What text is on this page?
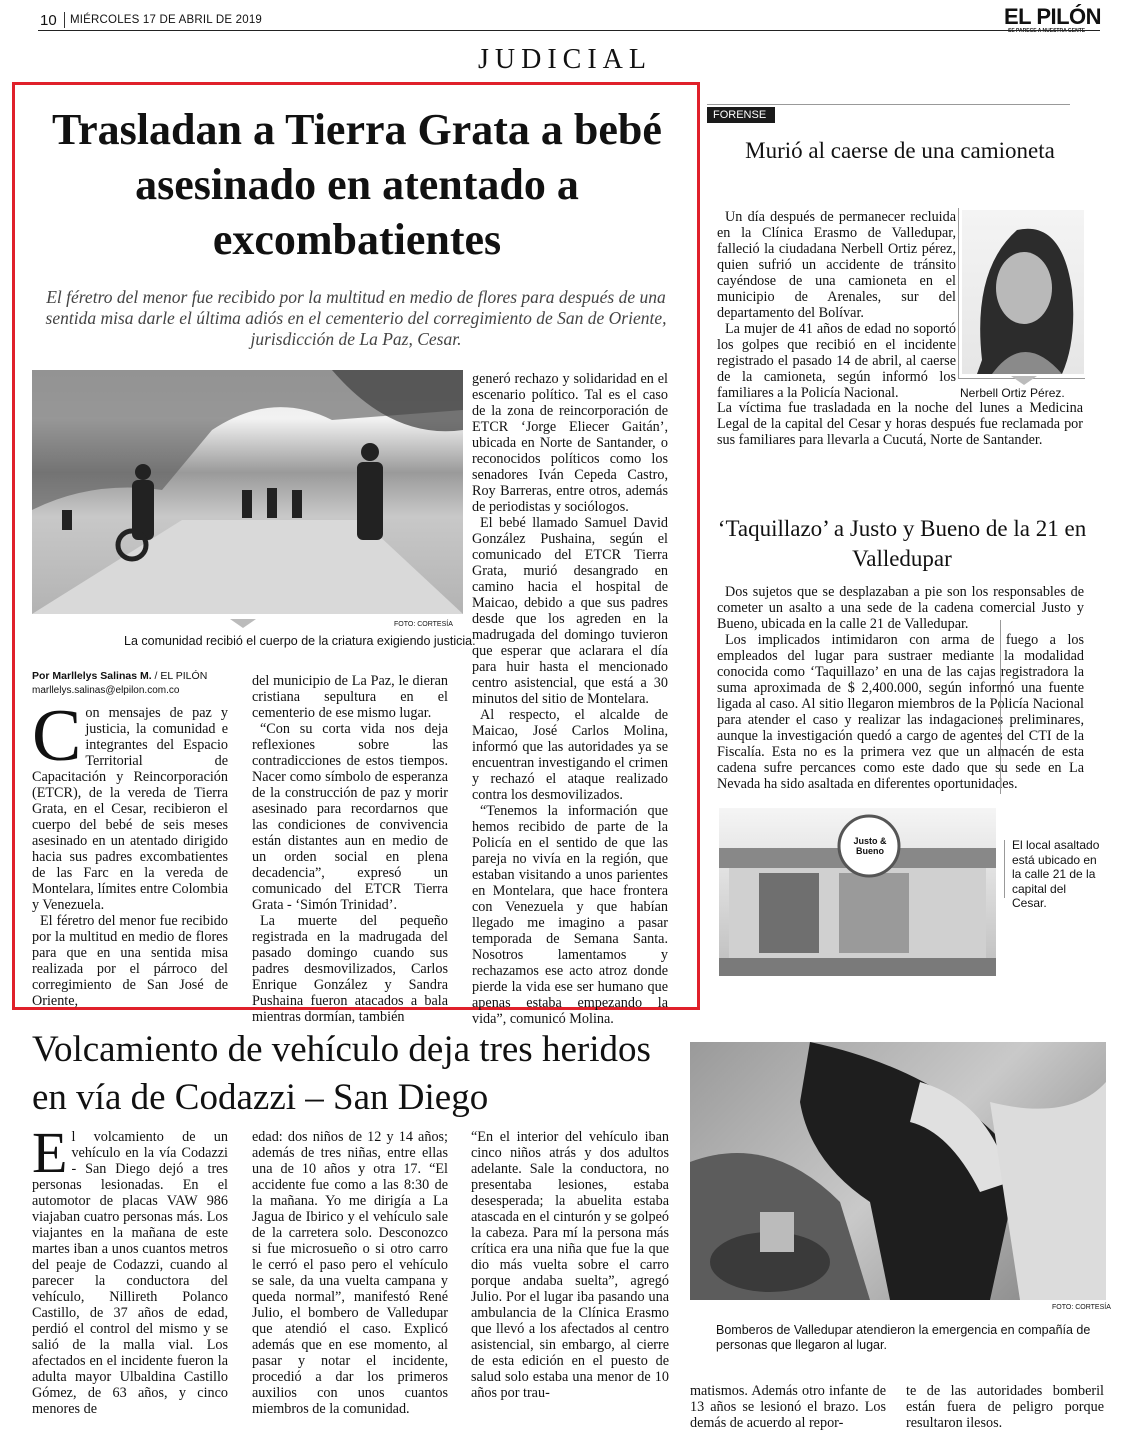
10 MIÉRCOLES 17 DE ABRIL DE 2019	EL PILÓN
SE PARECE A NUESTRA GENTE
JUDICIAL
Trasladan a Tierra Grata a bebé asesinado en atentado a excombatientes
El féretro del menor fue recibido por la multitud en medio de flores para después de una sentida misa darle el última adiós en el cementerio del corregimiento de San de Oriente, jurisdicción de La Paz, Cesar.
FOTO: CORTESÍA
La comunidad recibió el cuerpo de la criatura exigiendo justicia.
Por Marllelys Salinas M. / EL PILÓN
marllelys.salinas@elpilon.com.co

Con mensajes de paz y justicia, la comunidad e integrantes del Espacio Territorial de Capacitación y Reincorporación (ETCR), de la vereda de Tierra Grata, en el Cesar, recibieron el cuerpo del bebé de seis meses asesinado en un atentado dirigido hacia sus padres excombatientes de las Farc en la vereda de Montelara, límites entre Colombia y Venezuela.

El féretro del menor fue recibido por la multitud en medio de flores para que en una sentida misa realizada por el párroco del corregimiento de San José de Oriente,

del municipio de La Paz, le dieran cristiana sepultura en el cementerio de ese mismo lugar.

“Con su corta vida nos deja reflexiones sobre las contradicciones de estos tiempos. Nacer como símbolo de esperanza de la construcción de paz y morir asesinado para recordarnos que las condiciones de convivencia están distantes aun en medio de un orden social en plena decadencia”, expresó un comunicado del ETCR Tierra Grata - ‘Simón Trinidad’.

La muerte del pequeño registrada en la madrugada del pasado domingo cuando sus padres desmovilizados, Carlos Enrique González y Sandra Pushaina fueron atacados a bala mientras dormían, también

generó rechazo y solidaridad en el escenario político. Tal es el caso de la zona de reincorporación de ETCR ‘Jorge Eliecer Gaitán’, ubicada en Norte de Santander, o reconocidos políticos como los senadores Iván Cepeda Castro, Roy Barreras, entre otros, además de periodistas y sociólogos.

El bebé llamado Samuel David González Pushaina, según el comunicado del ETCR Tierra Grata, murió desangrado en camino hacia el hospital de Maicao, debido a que sus padres desde que los agreden en la madrugada del domingo tuvieron que esperar que aclarara el día para huir hasta el mencionado centro asistencial, que está a 30 minutos del sitio de Montelara.

Al respecto, el alcalde de Maicao, José Carlos Molina, informó que las autoridades ya se encuentran investigando el crimen y rechazó el ataque realizado contra los desmovilizados.

“Tenemos la información que hemos recibido de parte de la Policía en el sentido de que las pareja no vivía en la región, que estaban visitando a unos parientes en Montelara, que hace frontera con Venezuela y que habían llegado me imagino a pasar temporada de Semana Santa. Nosotros lamentamos y rechazamos ese acto atroz donde pierde la vida ese ser humano que apenas estaba empezando la vida”, comunicó Molina.

FORENSE
Murió al caerse de una camioneta
Nerbell Ortiz Pérez.

Un día después de permanecer recluida en la Clínica Erasmo de Valledupar, falleció la ciudadana Nerbell Ortiz pérez, quien sufrió un accidente de tránsito cayéndose de una camioneta en el municipio de Arenales, sur del departamento del Bolívar.

La mujer de 41 años de edad no soportó los golpes que recibió en el incidente registrado el pasado 14 de abril, al caerse de la camioneta, según informó los familiares a la Policía Nacional.

La víctima fue trasladada en la noche del lunes a Medicina Legal de la capital del Cesar y horas después fue reclamada por sus familiares para llevarla a Cucutá, Norte de Santander.

‘Taquillazo’ a Justo y Bueno de la 21 en Valledupar

Dos sujetos que se desplazaban a pie son los responsables de cometer un asalto a una sede de la cadena comercial Justo y Bueno, ubicada en la calle 21 de Valledupar.

Los implicados intimidaron con arma de fuego a los empleados del lugar para sustraer mediante la modalidad conocida como ‘Taquillazo’ en una de las cajas registradora la suma aproximada de $ 2,400.000, según informó una fuente ligada al caso. Al sitio llegaron miembros de la Policía Nacional para atender el caso y realizar las indagaciones preliminares, aunque la investigación quedó a cargo de agentes del CTI de la Fiscalía. Esta no es la primera vez que un almacén de esta cadena sufre percances como este dado que su sede en La Nevada ha sido asaltada en diferentes oportunidades.

Justo & Bueno	El local asaltado está ubicado en la calle 21 de la capital del Cesar.
Volcamiento de vehículo deja tres heridos en vía de Codazzi – San Diego

El volcamiento de un vehículo en la vía Codazzi - San Diego dejó a tres personas lesionadas. En el automotor de placas VAW 986 viajaban cuatro personas más. Los viajantes en la mañana de este martes iban a unos cuantos metros del peaje de Codazzi, cuando al parecer la conductora del vehículo, Nillireth Polanco Castillo, de 37 años de edad, perdió el control del mismo y se salió de la malla vial. Los afectados en el incidente fueron la adulta mayor Ulbaldina Castillo Gómez, de 63 años, y cinco menores de

edad: dos niños de 12 y 14 años; además de tres niñas, entre ellas una de 10 años y otra 17. “El accidente fue como a las 8:30 de la mañana. Yo me dirigía a La Jagua de Ibirico y el vehículo sale de la carretera solo. Desconozco si fue microsueño o si otro carro le cerró el paso pero el vehículo se sale, da una vuelta campana y queda normal”, manifestó René Julio, el bombero de Valledupar que atendió el caso. Explicó además que en ese momento, al pasar y notar el incidente, procedió a dar los primeros auxilios con unos cuantos miembros de la comunidad.

“En el interior del vehículo iban cinco niños atrás y dos adultos adelante. Sale la conductora, no presentaba lesiones, estaba desesperada; la abuelita estaba atascada en el cinturón y se golpeó la cabeza. Para mí la persona más crítica era una niña que fue la que dio más vuelta sobre el carro porque andaba suelta”, agregó Julio. Por el lugar iba pasando una ambulancia de la Clínica Erasmo que llevó a los afectados al centro asistencial, sin embargo, al cierre de esta edición en el puesto de salud solo estaba una menor de 10 años por trau-

FOTO: CORTESÍA
Bomberos de Valledupar atendieron la emergencia en compañía de personas que llegaron al lugar.

matismos. Además otro infante de 13 años se lesionó el brazo. Los demás de acuerdo al repor-

te de las autoridades bomberil están fuera de peligro porque resultaron ilesos.
